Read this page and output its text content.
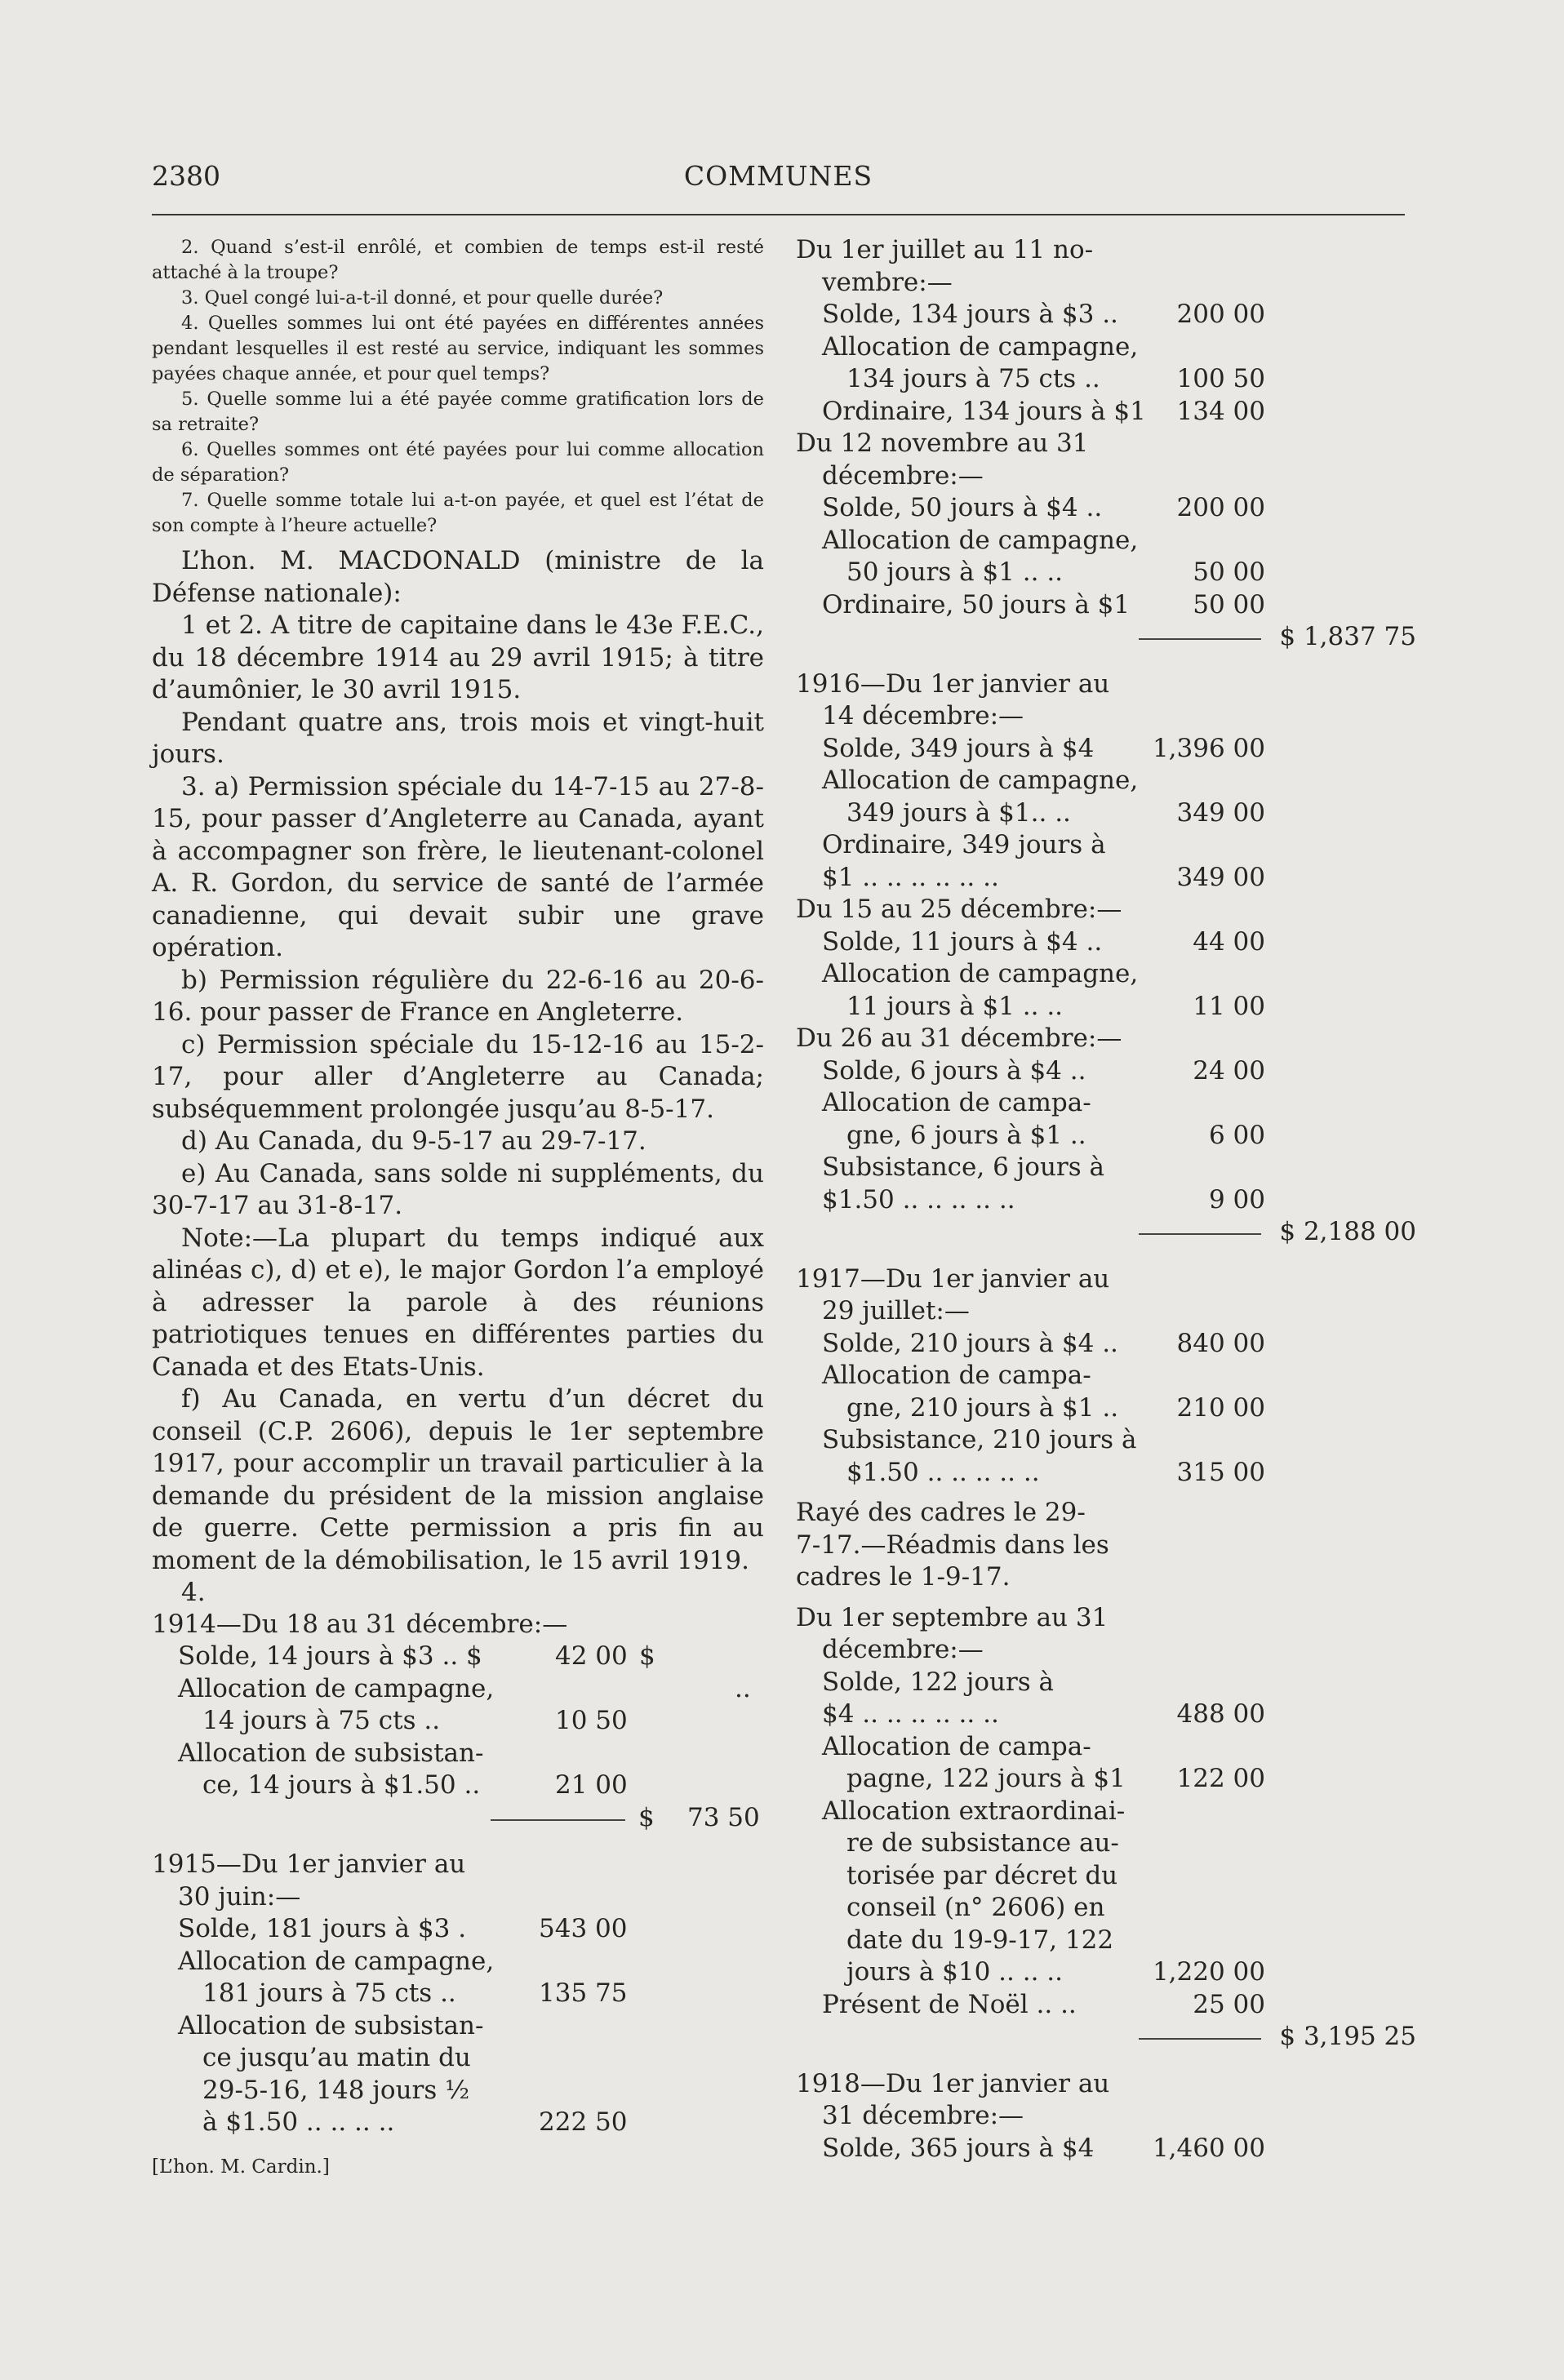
2380	COMMUNES

2. Quand s’est-il enrôlé, et combien de temps est-il resté attaché à la troupe?

3. Quel congé lui-a-t-il donné, et pour quelle durée?

4. Quelles sommes lui ont été payées en différentes années pendant lesquelles il est resté au service, indiquant les sommes payées chaque année, et pour quel temps?

5. Quelle somme lui a été payée comme gratification lors de sa retraite?

6. Quelles sommes ont été payées pour lui comme allocation de séparation?

7. Quelle somme totale lui a-t-on payée, et quel est l’état de son compte à l’heure actuelle?

L’hon. M. MACDONALD (ministre de la Défense nationale):

1 et 2. A titre de capitaine dans le 43e F.E.C., du 18 décembre 1914 au 29 avril 1915; à titre d’aumônier, le 30 avril 1915.

Pendant quatre ans, trois mois et vingt-huit jours.

3. a) Permission spéciale du 14-7-15 au 27-8-15, pour passer d’Angleterre au Canada, ayant à accompagner son frère, le lieutenant-colonel A. R. Gordon, du service de santé de l’armée canadienne, qui devait subir une grave opération.

b) Permission régulière du 22-6-16 au 20-6-16. pour passer de France en Angleterre.

c) Permission spéciale du 15-12-16 au 15-2-17, pour aller d’Angleterre au Canada; subséquemment prolongée jusqu’au 8-5-17.

d) Au Canada, du 9-5-17 au 29-7-17.

e) Au Canada, sans solde ni suppléments, du 30-7-17 au 31-8-17.

Note:—La plupart du temps indiqué aux alinéas c), d) et e), le major Gordon l’a employé à adresser la parole à des réunions patriotiques tenues en différentes parties du Canada et des Etats-Unis.

f) Au Canada, en vertu d’un décret du conseil (C.P. 2606), depuis le 1er septembre 1917, pour accomplir un travail particulier à la demande du président de la mission anglaise de guerre. Cette permission a pris fin au moment de la démobilisation, le 15 avril 1919.

4.

1914—Du 18 au 31 décembre:—
Solde, 14 jours à $3 .. $	42 00 $
Allocation de campagne,	..
14 jours à 75 cts ..	10 50
Allocation de subsistan-
ce, 14 jours à $1.50 ..	21 00
$ 73 50
1915—Du 1er janvier au
30 juin:—
Solde, 181 jours à $3 .	543 00
Allocation de campagne,
181 jours à 75 cts ..	135 75
Allocation de subsistan-
ce jusqu’au matin du
29-5-16, 148 jours ½
à $1.50 .. .. .. ..	222 50
[L’hon. M. Cardin.]
Du 1er juillet au 11 no-
vembre:—
Solde, 134 jours à $3 .. 200 00
Allocation de campagne,
134 jours à 75 cts ..	100 50
Ordinaire, 134 jours à $1 134 00
Du 12 novembre au 31
décembre:—
Solde, 50 jours à $4 ..	200 00
Allocation de campagne,
50 jours à $1 .. ..	50 00
Ordinaire, 50 jours à $1 50 00
$ 1,837 75
1916—Du 1er janvier au
14 décembre:—
Solde, 349 jours à $4 1,396 00
Allocation de campagne,
349 jours à $1.. ..	349 00
Ordinaire, 349 jours à
$1 .. .. .. .. .. ..	349 00
Du 15 au 25 décembre:—
Solde, 11 jours à $4 ..	44 00
Allocation de campagne,
11 jours à $1 .. ..	11 00
Du 26 au 31 décembre:—
Solde, 6 jours à $4 ..	24 00
Allocation de campa-
gne, 6 jours à $1 ..	6 00
Subsistance, 6 jours à
$1.50 .. .. .. .. ..	9 00
$ 2,188 00
1917—Du 1er janvier au
29 juillet:—
Solde, 210 jours à $4 .. 840 00
Allocation de campa-
gne, 210 jours à $1 .. 210 00
Subsistance, 210 jours à
$1.50 .. .. .. .. ..	315 00
Rayé des cadres le 29-
7-17.—Réadmis dans les
cadres le 1-9-17.
Du 1er septembre au 31
décembre:—
Solde, 122 jours à
$4 .. .. .. .. .. ..	488 00
Allocation de campa-
pagne, 122 jours à $1 122 00
Allocation extraordinai-
re de subsistance au-
torisée par décret du
conseil (n° 2606) en
date du 19-9-17, 122
jours à $10 .. .. ..	1,220 00
Présent de Noël .. ..	25 00
$ 3,195 25
1918—Du 1er janvier au
31 décembre:—
Solde, 365 jours à $4 1,460 00
